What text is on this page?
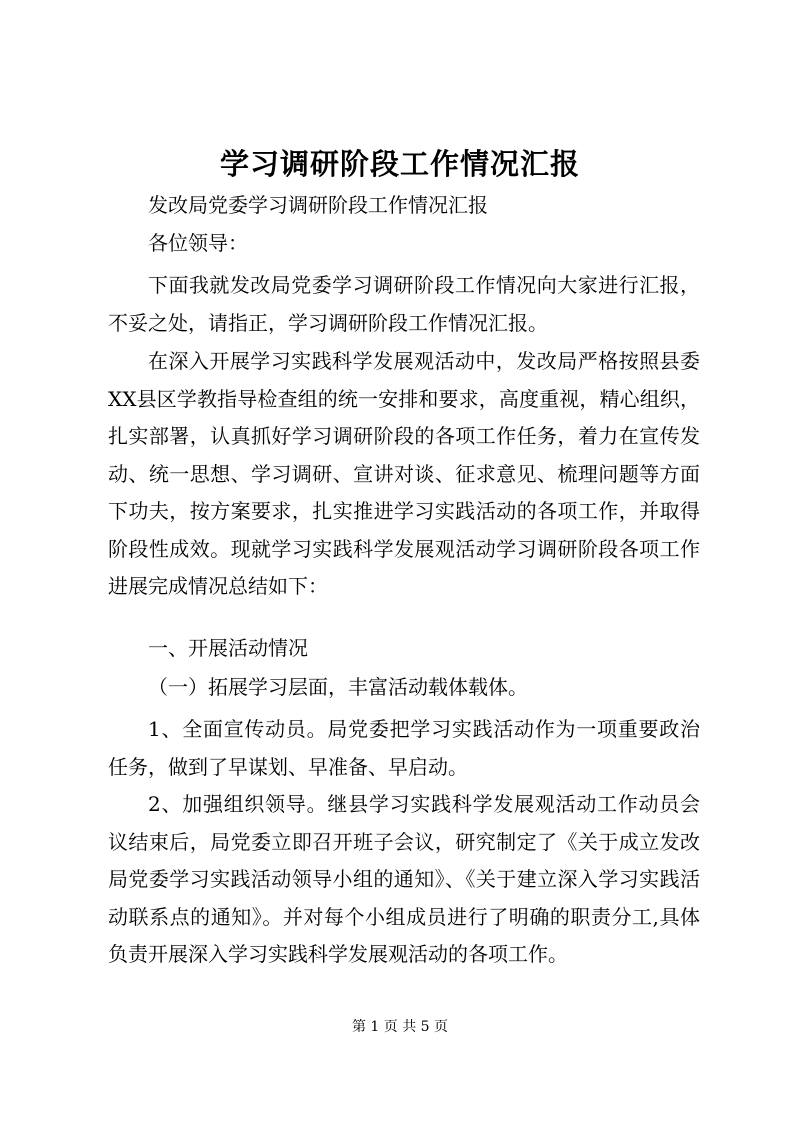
学习调研阶段工作情况汇报

发改局党委学习调研阶段工作情况汇报

各位领导：

下面我就发改局党委学习调研阶段工作情况向大家进行汇报，不妥之处，请指正，学习调研阶段工作情况汇报。

在深入开展学习实践科学发展观活动中，发改局严格按照县委XX县区学教指导检查组的统一安排和要求，高度重视，精心组织，扎实部署，认真抓好学习调研阶段的各项工作任务，着力在宣传发动、统一思想、学习调研、宣讲对谈、征求意见、梳理问题等方面下功夫，按方案要求，扎实推进学习实践活动的各项工作，并取得阶段性成效。现就学习实践科学发展观活动学习调研阶段各项工作进展完成情况总结如下：

一、开展活动情况

（一）拓展学习层面，丰富活动载体载体。

1、全面宣传动员。局党委把学习实践活动作为一项重要政治任务，做到了早谋划、早准备、早启动。

2、加强组织领导。继县学习实践科学发展观活动工作动员会议结束后，局党委立即召开班子会议，研究制定了《关于成立发改局党委学习实践活动领导小组的通知》、《关于建立深入学习实践活动联系点的通知》。并对每个小组成员进行了明确的职责分工,具体负责开展深入学习实践科学发展观活动的各项工作。

第 1 页 共 5 页
